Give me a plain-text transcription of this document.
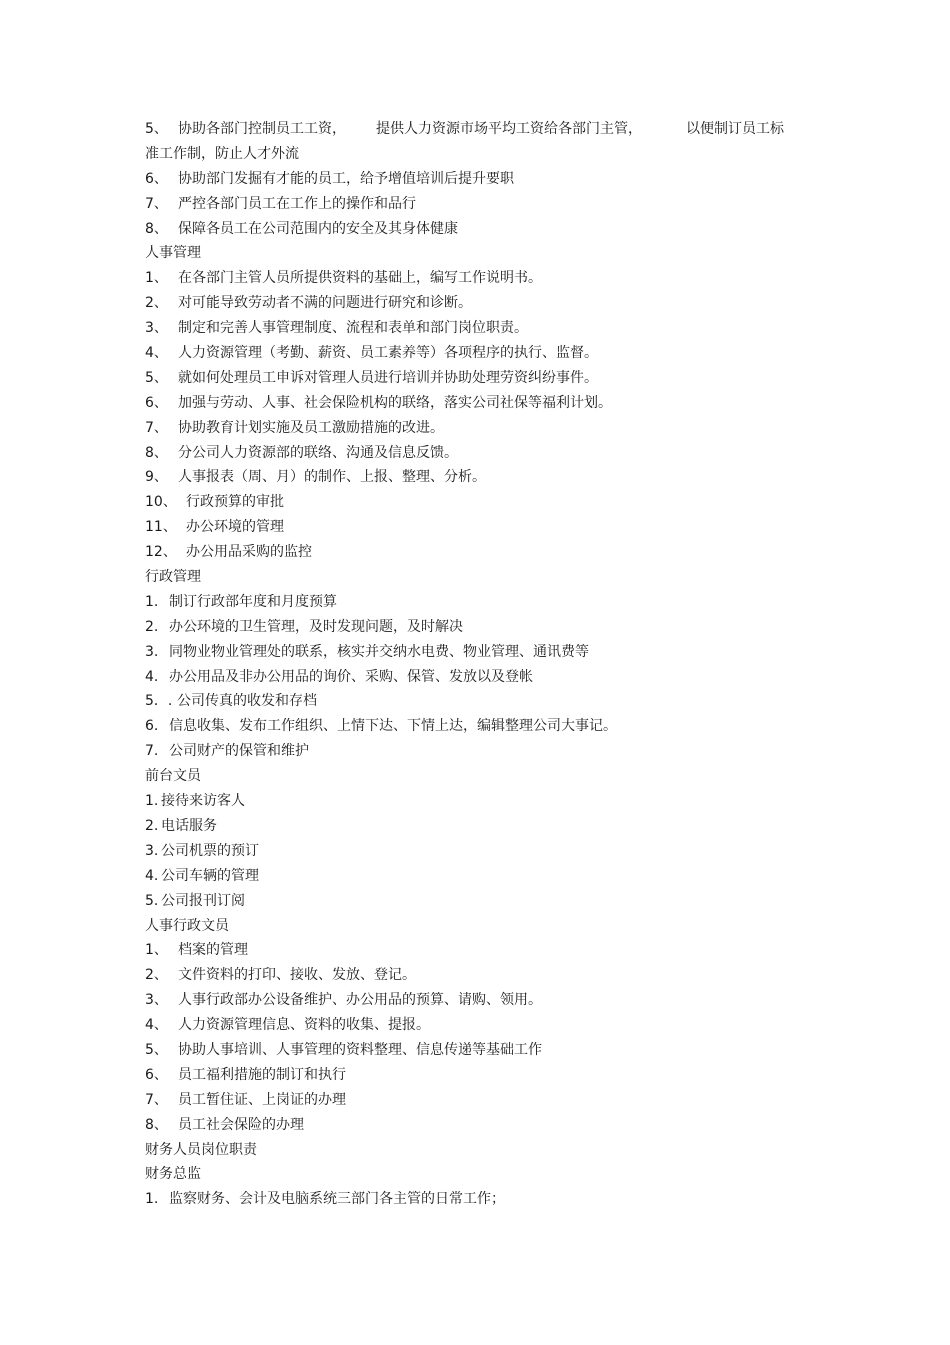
5、 协助各部门控制员工工资， 提供人力资源市场平均工资给各部门主管，	以便制订员工标
准工作制，防止人才外流
6、 协助部门发掘有才能的员工，给予增值培训后提升要职
7、 严控各部门员工在工作上的操作和品行
8、 保障各员工在公司范围内的安全及其身体健康
人事管理
1、 在各部门主管人员所提供资料的基础上，编写工作说明书。
2、 对可能导致劳动者不满的问题进行研究和诊断。
3、 制定和完善人事管理制度、流程和表单和部门岗位职责。
4、 人力资源管理（考勤、薪资、员工素养等）各项程序的执行、监督。
5、 就如何处理员工申诉对管理人员进行培训并协助处理劳资纠纷事件。
6、 加强与劳动、人事、社会保险机构的联络，落实公司社保等福利计划。
7、 协助教育计划实施及员工激励措施的改进。
8、 分公司人力资源部的联络、沟通及信息反馈。
9、 人事报表（周、月）的制作、上报、整理、分析。
10、 行政预算的审批
11、 办公环境的管理
12、 办公用品采购的监控
行政管理
1. 制订行政部年度和月度预算
2. 办公环境的卫生管理，及时发现问题，及时解决
3. 同物业物业管理处的联系，核实并交纳水电费、物业管理、通讯费等
4. 办公用品及非办公用品的询价、采购、保管、发放以及登帐
5．. 公司传真的收发和存档
6. 信息收集、发布工作组织、上情下达、下情上达，编辑整理公司大事记。
7. 公司财产的保管和维护
前台文员
1. 接待来访客人
2. 电话服务
3. 公司机票的预订
4. 公司车辆的管理
5. 公司报刊订阅
人事行政文员
1、 档案的管理
2、 文件资料的打印、接收、发放、登记。
3、 人事行政部办公设备维护、办公用品的预算、请购、领用。
4、 人力资源管理信息、资料的收集、提报。
5、 协助人事培训、人事管理的资料整理、信息传递等基础工作
6、 员工福利措施的制订和执行
7、 员工暂住证、上岗证的办理
8、 员工社会保险的办理
财务人员岗位职责
财务总监
1. 监察财务、会计及电脑系统三部门各主管的日常工作；
